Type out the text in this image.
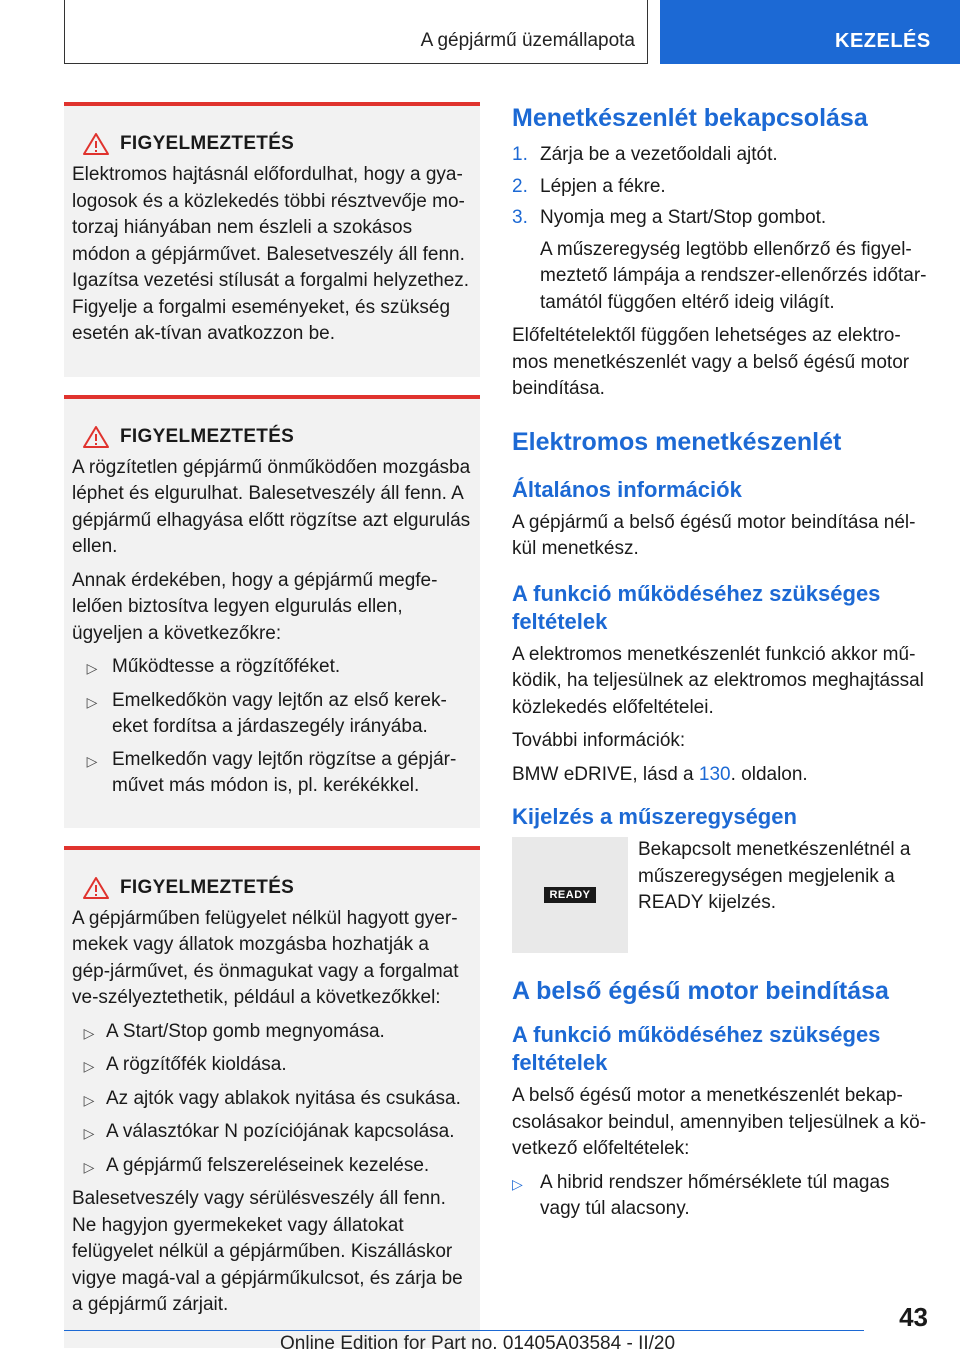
A gépjármű üzemállapota	KEZELÉS
FIGYELMEZTETÉS

Elektromos hajtásnál előfordulhat, hogy a gya-logosok és a közlekedés többi résztvevője mo-torzaj hiányában nem észleli a szokásos módon a gépjárművet. Balesetveszély áll fenn. Igazítsa vezetési stílusát a forgalmi helyzethez. Figyelje a forgalmi eseményeket, és szükség esetén ak-tívan avatkozzon be.

FIGYELMEZTETÉS

A rögzítetlen gépjármű önműködően mozgásba léphet és elgurulhat. Balesetveszély áll fenn. A gépjármű elhagyása előtt rögzítse azt elgurulás ellen.

Annak érdekében, hogy a gépjármű megfe-lelően biztosítva legyen elgurulás ellen, ügyeljen a következőkre:

▷ Működtesse a rögzítőféket.
▷ Emelkedőkön vagy lejtőn az első kerek-eket fordítsa a járdaszegély irányába.
▷ Emelkedőn vagy lejtőn rögzítse a gépjár-művet más módon is, pl. kerékékkel.
FIGYELMEZTETÉS

A gépjárműben felügyelet nélkül hagyott gyer-mekek vagy állatok mozgásba hozhatják a gép-járművet, és önmagukat vagy a forgalmat ve-szélyeztethetik, például a következőkkel:

▷ A Start/Stop gomb megnyomása.
▷ A rögzítőfék kioldása.
▷ Az ajtók vagy ablakok nyitása és csukása.
▷ A választókar N pozíciójának kapcsolása.
▷ A gépjármű felszereléseinek kezelése.

Balesetveszély vagy sérülésveszély áll fenn. Ne hagyjon gyermekeket vagy állatokat felügyelet nélkül a gépjárműben. Kiszálláskor vigye magá-val a gépjárműkulcsot, és zárja be a gépjármű zárjait.

Menetkészenlét bekapcsolása
1. Zárja be a vezetőoldali ajtót.
2. Lépjen a fékre.
3. Nyomja meg a Start/Stop gombot.

A műszeregység legtöbb ellenőrző és figyel-meztető lámpája a rendszer-ellenőrzés időtar-tamától függően eltérő ideig világít.

Előfeltételektől függően lehetséges az elektro-mos menetkészenlét vagy a belső égésű motor beindítása.

Elektromos menetkészenlét
Általános információk

A gépjármű a belső égésű motor beindítása nél-kül menetkész.

A funkció működéséhez szükséges feltételek

A elektromos menetkészenlét funkció akkor mű-ködik, ha teljesülnek az elektromos meghajtással közlekedés előfeltételei.

További információk:

BMW eDRIVE, lásd a 130. oldalon.

Kijelzés a műszeregységen
READY
Bekapcsolt menetkészenlétnél a műszeregységen megjelenik a READY kijelzés.
A belső égésű motor beindítása
A funkció működéséhez szükséges feltételek

A belső égésű motor a menetkészenlét bekap-csolásakor beindul, amennyiben teljesülnek a kö-vetkező előfeltételek:

▷ A hibrid rendszer hőmérséklete túl magas vagy túl alacsony.
43
Online Edition for Part no. 01405A03584 - II/20
